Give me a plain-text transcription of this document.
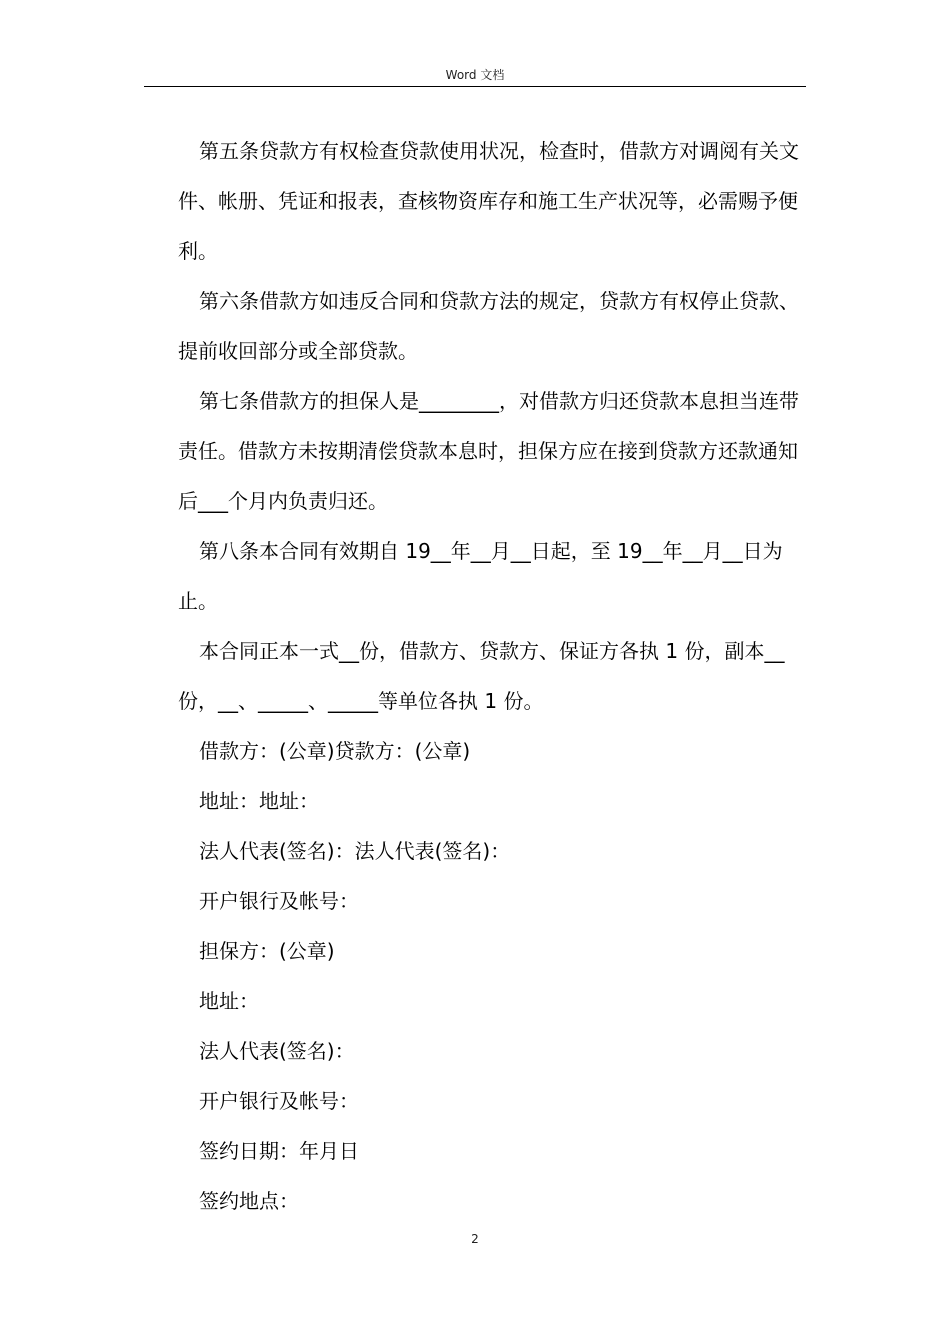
Word 文档

第五条贷款方有权检查贷款使用状况，检查时，借款方对调阅有关文件、帐册、凭证和报表，查核物资库存和施工生产状况等，必需赐予便利。

第六条借款方如违反合同和贷款方法的规定，贷款方有权停止贷款、提前收回部分或全部贷款。

第七条借款方的担保人是________，对借款方归还贷款本息担当连带责任。借款方未按期清偿贷款本息时，担保方应在接到贷款方还款通知后___个月内负责归还。

第八条本合同有效期自 19__年__月__日起，至 19__年__月__日为止。

本合同正本一式__份，借款方、贷款方、保证方各执 1 份，副本__份，__、_____、_____等单位各执 1 份。

借款方：(公章)贷款方：(公章)

地址：地址：

法人代表(签名)：法人代表(签名)：

开户银行及帐号：

担保方：(公章)

地址：

法人代表(签名)：

开户银行及帐号：

签约日期：年月日

签约地点：

2
